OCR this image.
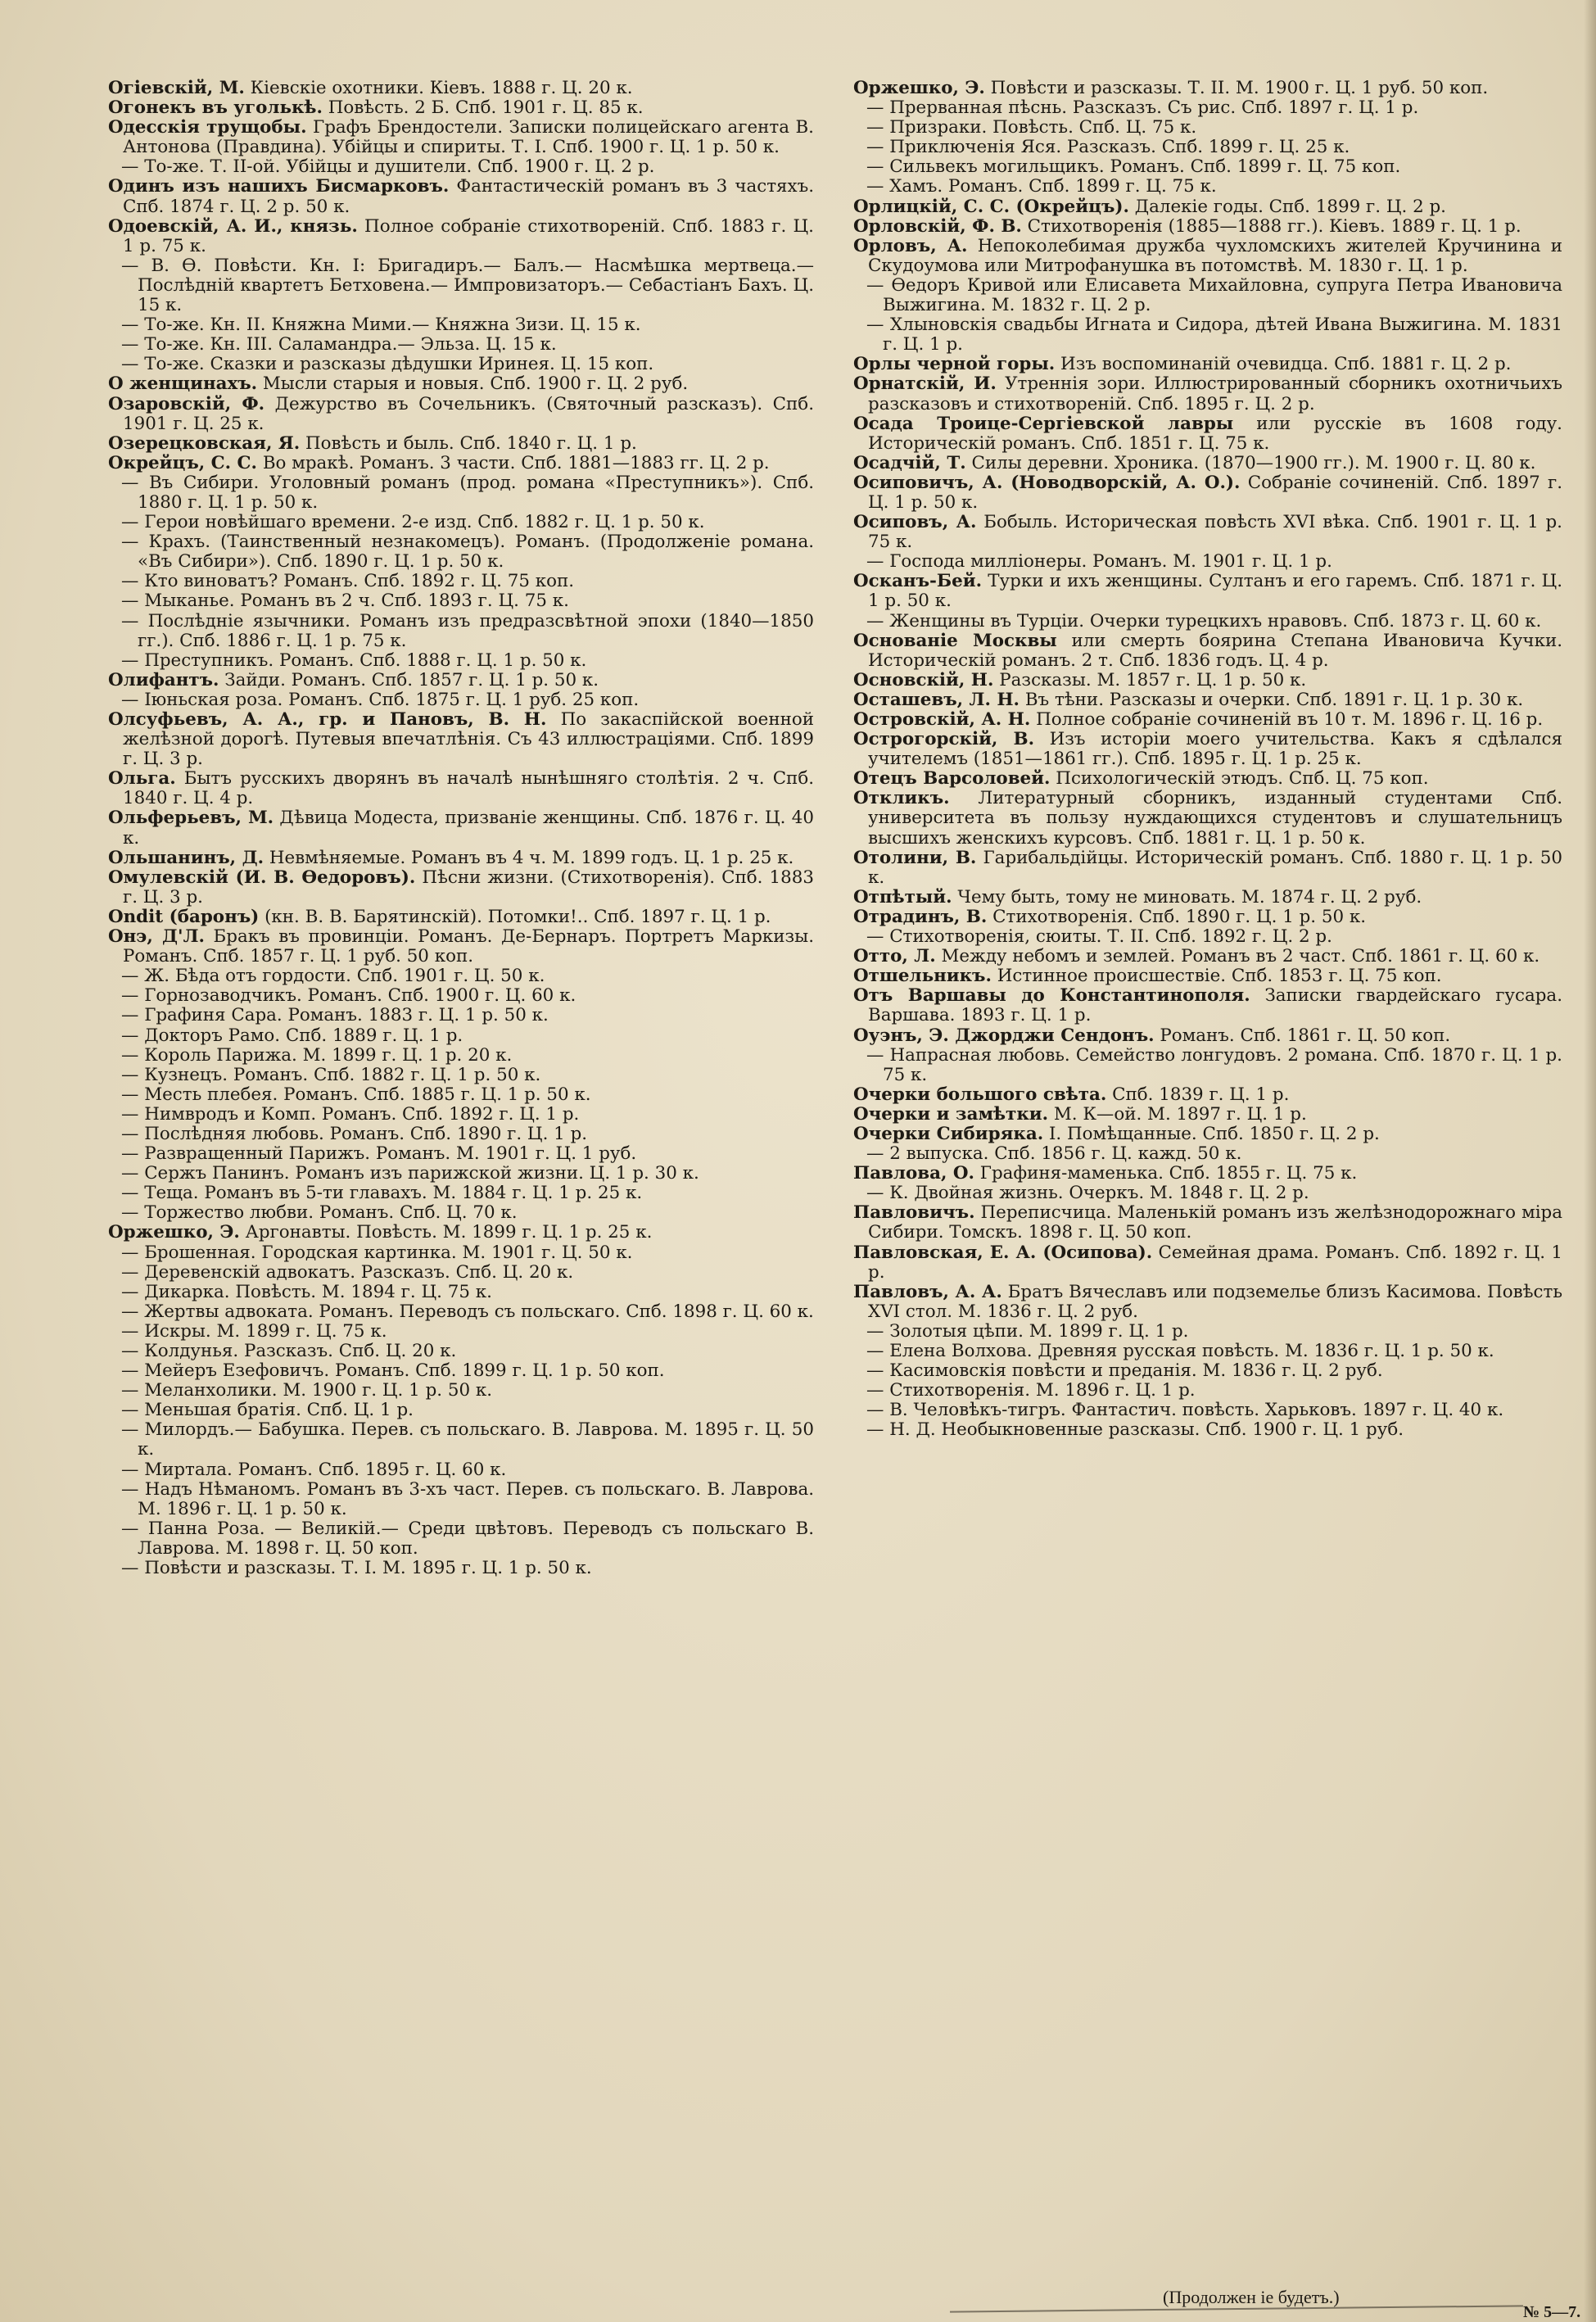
Огіевскій, М. Кіевскіе охотники. Кіевъ. 1888 г. Ц. 20 к.

Огонекъ въ уголькѣ. Повѣсть. 2 Б. Спб. 1901 г. Ц. 85 к.

Одесскія трущобы. Графъ Брендостели. Записки полицейскаго агента В. Антонова (Правдина). Убійцы и спириты. Т. I. Спб. 1900 г. Ц. 1 р. 50 к.

— То-же. Т. II-ой. Убійцы и душители. Спб. 1900 г. Ц. 2 р.

Одинъ изъ нашихъ Бисмарковъ. Фантастическій романъ въ 3 частяхъ. Спб. 1874 г. Ц. 2 р. 50 к.

Одоевскій, А. И., князь. Полное собраніе стихотвореній. Спб. 1883 г. Ц. 1 р. 75 к.

— В. Ѳ. Повѣсти. Кн. I: Бригадиръ.— Балъ.— Насмѣшка мертвеца.— Послѣдній квартетъ Бетховена.— Импровизаторъ.— Себастіанъ Бахъ. Ц. 15 к.

— То-же. Кн. II. Княжна Мими.— Княжна Зизи. Ц. 15 к.

— То-же. Кн. III. Саламандра.— Эльза. Ц. 15 к.

— То-же. Сказки и разсказы дѣдушки Иринея. Ц. 15 коп.

О женщинахъ. Мысли старыя и новыя. Спб. 1900 г. Ц. 2 руб.

Озаровскій, Ф. Дежурство въ Сочельникъ. (Святочный разсказъ). Спб. 1901 г. Ц. 25 к.

Озерецковская, Я. Повѣсть и быль. Спб. 1840 г. Ц. 1 р.

Окрейцъ, С. С. Во мракѣ. Романъ. 3 части. Спб. 1881—1883 гг. Ц. 2 р.

— Въ Сибири. Уголовный романъ (прод. романа «Преступникъ»). Спб. 1880 г. Ц. 1 р. 50 к.

— Герои новѣйшаго времени. 2-е изд. Спб. 1882 г. Ц. 1 р. 50 к.

— Крахъ. (Таинственный незнакомецъ). Романъ. (Продолженіе романа. «Въ Сибири»). Спб. 1890 г. Ц. 1 р. 50 к.

— Кто виноватъ? Романъ. Спб. 1892 г. Ц. 75 коп.

— Мыканье. Романъ въ 2 ч. Спб. 1893 г. Ц. 75 к.

— Послѣдніе язычники. Романъ изъ предразсвѣтной эпохи (1840—1850 гг.). Спб. 1886 г. Ц. 1 р. 75 к.

— Преступникъ. Романъ. Спб. 1888 г. Ц. 1 р. 50 к.

Олифантъ. Зайди. Романъ. Спб. 1857 г. Ц. 1 р. 50 к.

— Іюньская роза. Романъ. Спб. 1875 г. Ц. 1 руб. 25 коп.

Олсуфьевъ, А. А., гр. и Пановъ, В. Н. По закаспійской военной желѣзной дорогѣ. Путевыя впечатлѣнія. Съ 43 иллюстраціями. Спб. 1899 г. Ц. 3 р.

Ольга. Бытъ русскихъ дворянъ въ началѣ нынѣшняго столѣтія. 2 ч. Спб. 1840 г. Ц. 4 р.

Ольферьевъ, М. Дѣвица Модеста, призваніе женщины. Спб. 1876 г. Ц. 40 к.

Ольшанинъ, Д. Невмѣняемые. Романъ въ 4 ч. М. 1899 годъ. Ц. 1 р. 25 к.

Омулевскій (И. В. Ѳедоровъ). Пѣсни жизни. (Стихотворенія). Спб. 1883 г. Ц. 3 р.

Ondit (баронъ) (кн. В. В. Барятинскій). Потомки!.. Спб. 1897 г. Ц. 1 р.

Онэ, Д'Л. Бракъ въ провинціи. Романъ. Де-Бернаръ. Портретъ Маркизы. Романъ. Спб. 1857 г. Ц. 1 руб. 50 коп.

— Ж. Бѣда отъ гордости. Спб. 1901 г. Ц. 50 к.

— Горнозаводчикъ. Романъ. Спб. 1900 г. Ц. 60 к.

— Графиня Сара. Романъ. 1883 г. Ц. 1 р. 50 к.

— Докторъ Рамо. Спб. 1889 г. Ц. 1 р.

— Король Парижа. М. 1899 г. Ц. 1 р. 20 к.

— Кузнецъ. Романъ. Спб. 1882 г. Ц. 1 р. 50 к.

— Месть плебея. Романъ. Спб. 1885 г. Ц. 1 р. 50 к.

— Нимвродъ и Комп. Романъ. Спб. 1892 г. Ц. 1 р.

— Послѣдняя любовь. Романъ. Спб. 1890 г. Ц. 1 р.

— Развращенный Парижъ. Романъ. М. 1901 г. Ц. 1 руб.

— Сержъ Панинъ. Романъ изъ парижской жизни. Ц. 1 р. 30 к.

— Теща. Романъ въ 5-ти главахъ. М. 1884 г. Ц. 1 р. 25 к.

— Торжество любви. Романъ. Спб. Ц. 70 к.

Оржешко, Э. Аргонавты. Повѣсть. М. 1899 г. Ц. 1 р. 25 к.

— Брошенная. Городская картинка. М. 1901 г. Ц. 50 к.

— Деревенскій адвокатъ. Разсказъ. Спб. Ц. 20 к.

— Дикарка. Повѣсть. М. 1894 г. Ц. 75 к.

— Жертвы адвоката. Романъ. Переводъ съ польскаго. Спб. 1898 г. Ц. 60 к.

— Искры. М. 1899 г. Ц. 75 к.

— Колдунья. Разсказъ. Спб. Ц. 20 к.

— Мейеръ Езефовичъ. Романъ. Спб. 1899 г. Ц. 1 р. 50 коп.

— Меланхолики. М. 1900 г. Ц. 1 р. 50 к.

— Меньшая братія. Спб. Ц. 1 р.

— Милордъ.— Бабушка. Перев. съ польскаго. В. Лаврова. М. 1895 г. Ц. 50 к.

— Миртала. Романъ. Спб. 1895 г. Ц. 60 к.

— Надъ Нѣманомъ. Романъ въ 3-хъ част. Перев. съ польскаго. В. Лаврова. М. 1896 г. Ц. 1 р. 50 к.

— Панна Роза. — Великій.— Среди цвѣтовъ. Переводъ съ польскаго В. Лаврова. М. 1898 г. Ц. 50 коп.

— Повѣсти и разсказы. Т. I. М. 1895 г. Ц. 1 р. 50 к.

Оржешко, Э. Повѣсти и разсказы. Т. II. М. 1900 г. Ц. 1 руб. 50 коп.

— Прерванная пѣснь. Разсказъ. Съ рис. Спб. 1897 г. Ц. 1 р.

— Призраки. Повѣсть. Спб. Ц. 75 к.

— Приключенія Яся. Разсказъ. Спб. 1899 г. Ц. 25 к.

— Сильвекъ могильщикъ. Романъ. Спб. 1899 г. Ц. 75 коп.

— Хамъ. Романъ. Спб. 1899 г. Ц. 75 к.

Орлицкій, С. С. (Окрейцъ). Далекіе годы. Спб. 1899 г. Ц. 2 р.

Орловскій, Ф. В. Стихотворенія (1885—1888 гг.). Кіевъ. 1889 г. Ц. 1 р.

Орловъ, А. Непоколебимая дружба чухломскихъ жителей Кручинина и Скудоумова или Митрофанушка въ потомствѣ. М. 1830 г. Ц. 1 р.

— Ѳедоръ Кривой или Елисавета Михайловна, супруга Петра Ивановича Выжигина. М. 1832 г. Ц. 2 р.

— Хлыновскія свадьбы Игната и Сидора, дѣтей Ивана Выжигина. М. 1831 г. Ц. 1 р.

Орлы черной горы. Изъ воспоминаній очевидца. Спб. 1881 г. Ц. 2 р.

Орнатскій, И. Утреннія зори. Иллюстрированный сборникъ охотничьихъ разсказовъ и стихотвореній. Спб. 1895 г. Ц. 2 р.

Осада Троице-Сергіевской лавры или русскіе въ 1608 году. Историческій романъ. Спб. 1851 г. Ц. 75 к.

Осадчій, Т. Силы деревни. Хроника. (1870—1900 гг.). М. 1900 г. Ц. 80 к.

Осиповичъ, А. (Новодворскій, А. О.). Собраніе сочиненій. Спб. 1897 г. Ц. 1 р. 50 к.

Осиповъ, А. Бобыль. Историческая повѣсть XVI вѣка. Спб. 1901 г. Ц. 1 р. 75 к.

— Господа милліонеры. Романъ. М. 1901 г. Ц. 1 р.

Осканъ-Бей. Турки и ихъ женщины. Султанъ и его гаремъ. Спб. 1871 г. Ц. 1 р. 50 к.

— Женщины въ Турціи. Очерки турецкихъ нравовъ. Спб. 1873 г. Ц. 60 к.

Основаніе Москвы или смерть боярина Степана Ивановича Кучки. Историческій романъ. 2 т. Спб. 1836 годъ. Ц. 4 р.

Основскій, Н. Разсказы. М. 1857 г. Ц. 1 р. 50 к.

Осташевъ, Л. Н. Въ тѣни. Разсказы и очерки. Спб. 1891 г. Ц. 1 р. 30 к.

Островскій, А. Н. Полное собраніе сочиненій въ 10 т. М. 1896 г. Ц. 16 р.

Острогорскій, В. Изъ исторіи моего учительства. Какъ я сдѣлался учителемъ (1851—1861 гг.). Спб. 1895 г. Ц. 1 р. 25 к.

Отецъ Варсоловей. Психологическій этюдъ. Спб. Ц. 75 коп.

Откликъ. Литературный сборникъ, изданный студентами Спб. университета въ пользу нуждающихся студентовъ и слушательницъ высшихъ женскихъ курсовъ. Спб. 1881 г. Ц. 1 р. 50 к.

Отолини, В. Гарибальдійцы. Историческій романъ. Спб. 1880 г. Ц. 1 р. 50 к.

Отпѣтый. Чему быть, тому не миновать. М. 1874 г. Ц. 2 руб.

Отрадинъ, В. Стихотворенія. Спб. 1890 г. Ц. 1 р. 50 к.

— Стихотворенія, сюиты. Т. II. Спб. 1892 г. Ц. 2 р.

Отто, Л. Между небомъ и землей. Романъ въ 2 част. Спб. 1861 г. Ц. 60 к.

Отшельникъ. Истинное происшествіе. Спб. 1853 г. Ц. 75 коп.

Отъ Варшавы до Константинополя. Записки гвардейскаго гусара. Варшава. 1893 г. Ц. 1 р.

Оуэнъ, Э. Джорджи Сендонъ. Романъ. Спб. 1861 г. Ц. 50 коп.

— Напрасная любовь. Семейство лонгудовъ. 2 романа. Спб. 1870 г. Ц. 1 р. 75 к.

Очерки большого свѣта. Спб. 1839 г. Ц. 1 р.

Очерки и замѣтки. М. К—ой. М. 1897 г. Ц. 1 р.

Очерки Сибиряка. I. Помѣщанные. Спб. 1850 г. Ц. 2 р.

— 2 выпуска. Спб. 1856 г. Ц. кажд. 50 к.

Павлова, О. Графиня-маменька. Спб. 1855 г. Ц. 75 к.

— К. Двойная жизнь. Очеркъ. М. 1848 г. Ц. 2 р.

Павловичъ. Переписчица. Маленькій романъ изъ желѣзнодорожнаго міра Сибири. Томскъ. 1898 г. Ц. 50 коп.

Павловская, Е. А. (Осипова). Семейная драма. Романъ. Спб. 1892 г. Ц. 1 р.

Павловъ, А. А. Братъ Вячеславъ или подземелье близъ Касимова. Повѣсть XVI стол. М. 1836 г. Ц. 2 руб.

— Золотыя цѣпи. М. 1899 г. Ц. 1 р.

— Елена Волхова. Древняя русская повѣсть. М. 1836 г. Ц. 1 р. 50 к.

— Касимовскія повѣсти и преданія. М. 1836 г. Ц. 2 руб.

— Стихотворенія. М. 1896 г. Ц. 1 р.

— В. Человѣкъ-тигръ. Фантастич. повѣсть. Харьковъ. 1897 г. Ц. 40 к.

— Н. Д. Необыкновенные разсказы. Спб. 1900 г. Ц. 1 руб.

(Продолжен іе будетъ.)
№ 5—7.
